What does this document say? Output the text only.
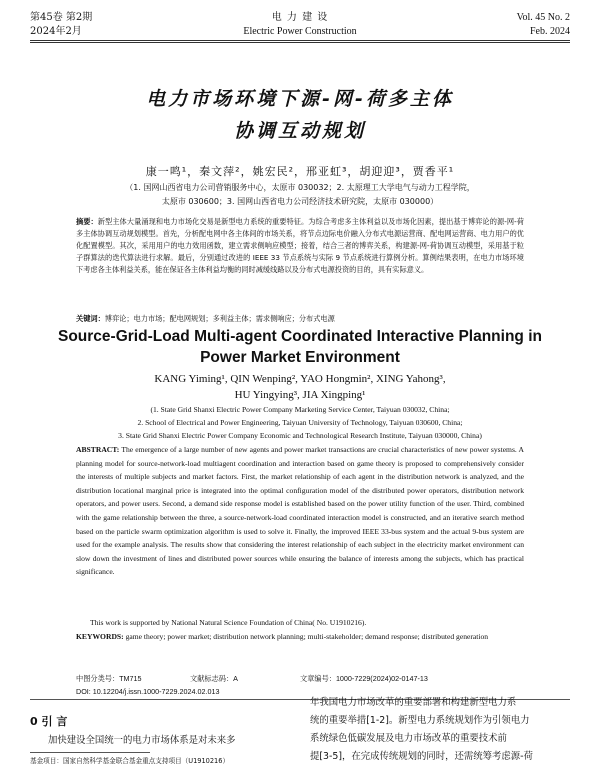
第45卷 第2期
2024年2月
电 力 建 设
Electric Power Construction
Vol. 45 No. 2
Feb. 2024
电力市场环境下源-网-荷多主体
协调互动规划
康一鸣¹，秦文萍²，姚宏民²，邢亚虹³，胡迎迎³，贾香平¹
（1. 国网山西省电力公司营销服务中心，太原市 030032；2. 太原理工大学电气与动力工程学院，
太原市 030600；3. 国网山西省电力公司经济技术研究院，太原市 030000）
摘要：新型主体大量涌现和电力市场化交易是新型电力系统的重要特征。为综合考虑多主体利益以及市场化因素，提出基于博弈论的源-网-荷多主体协调互动规划模型。首先，分析配电网中各主体间的市场关系，将节点边际电价融入分布式电源运营商、配电网运营商、电力用户的优化配置模型。其次，采用用户的电力效用函数，建立需求侧响应模型；接着，结合三者的博弈关系，构建源-网-荷协调互动模型，采用基于粒子群算法的迭代算法进行求解。最后，分别通过改进的 IEEE 33 节点系统与实际 9 节点系统进行算例分析。算例结果表明，在电力市场环境下考虑各主体利益关系，能在保证各主体利益均衡的同时减缓线路以及分布式电源投资的目的，具有实际意义。
关键词：博弈论；电力市场；配电网规划；多利益主体；需求侧响应；分布式电源
Source-Grid-Load Multi-agent Coordinated Interactive Planning in
Power Market Environment
KANG Yiming¹, QIN Wenping², YAO Hongmin², XING Yahong³,
HU Yingying³, JIA Xingping¹
(1. State Grid Shanxi Electric Power Company Marketing Service Center, Taiyuan 030032, China;
2. School of Electrical and Power Engineering, Taiyuan University of Technology, Taiyuan 030600, China;
3. State Grid Shanxi Electric Power Company Economic and Technological Research Institute, Taiyuan 030000, China)
ABSTRACT: The emergence of a large number of new agents and power market transactions are crucial characteristics of new power systems. A planning model for source-network-load multiagent coordination and interaction based on game theory is proposed to comprehensively consider the interests of multiple subjects and market factors. First, the market relationship of each agent in the distribution network is analyzed, and the distribution locational marginal price is integrated into the optimal configuration model of the distributed power operators, distribution network operators, and power users. Second, a demand side response model is established based on the power utility function of the user. Third, combined with the game relationship between the three, a source-network-load coordinated interaction model is constructed, and an iterative search method based on the particle swarm optimization algorithm is used to solve it. Finally, the improved IEEE 33-bus system and the actual 9-bus system are used for the example analysis. The results show that considering the interest relationship of each subject in the electricity market environment can slow down the investment of lines and distributed power sources while ensuring the balance of interests among the subjects, which has practical significance.
This work is supported by National Natural Science Foundation of China( No. U1910216).
KEYWORDS: game theory; power market; distribution network planning; multi-stakeholder; demand response; distributed generation
中图分类号：TM715	文献标志码：A	文章编号：1000-7229(2024)02-0147-13
DOI: 10.12204/j.issn.1000-7229.2024.02.013
0 引 言
加快建设全国统一的电力市场体系是对未来多
年我国电力市场改革的重要部署和构建新型电力系
统的重要举措[1-2]。新型电力系统规划作为引领电力
系统绿色低碳发展及电力市场改革的重要技术前
提[3-5]，在完成传统规划的同时，还需统筹考虑源-荷
基金项目：国家自然科学基金联合基金重点支持项目（U1910216）
